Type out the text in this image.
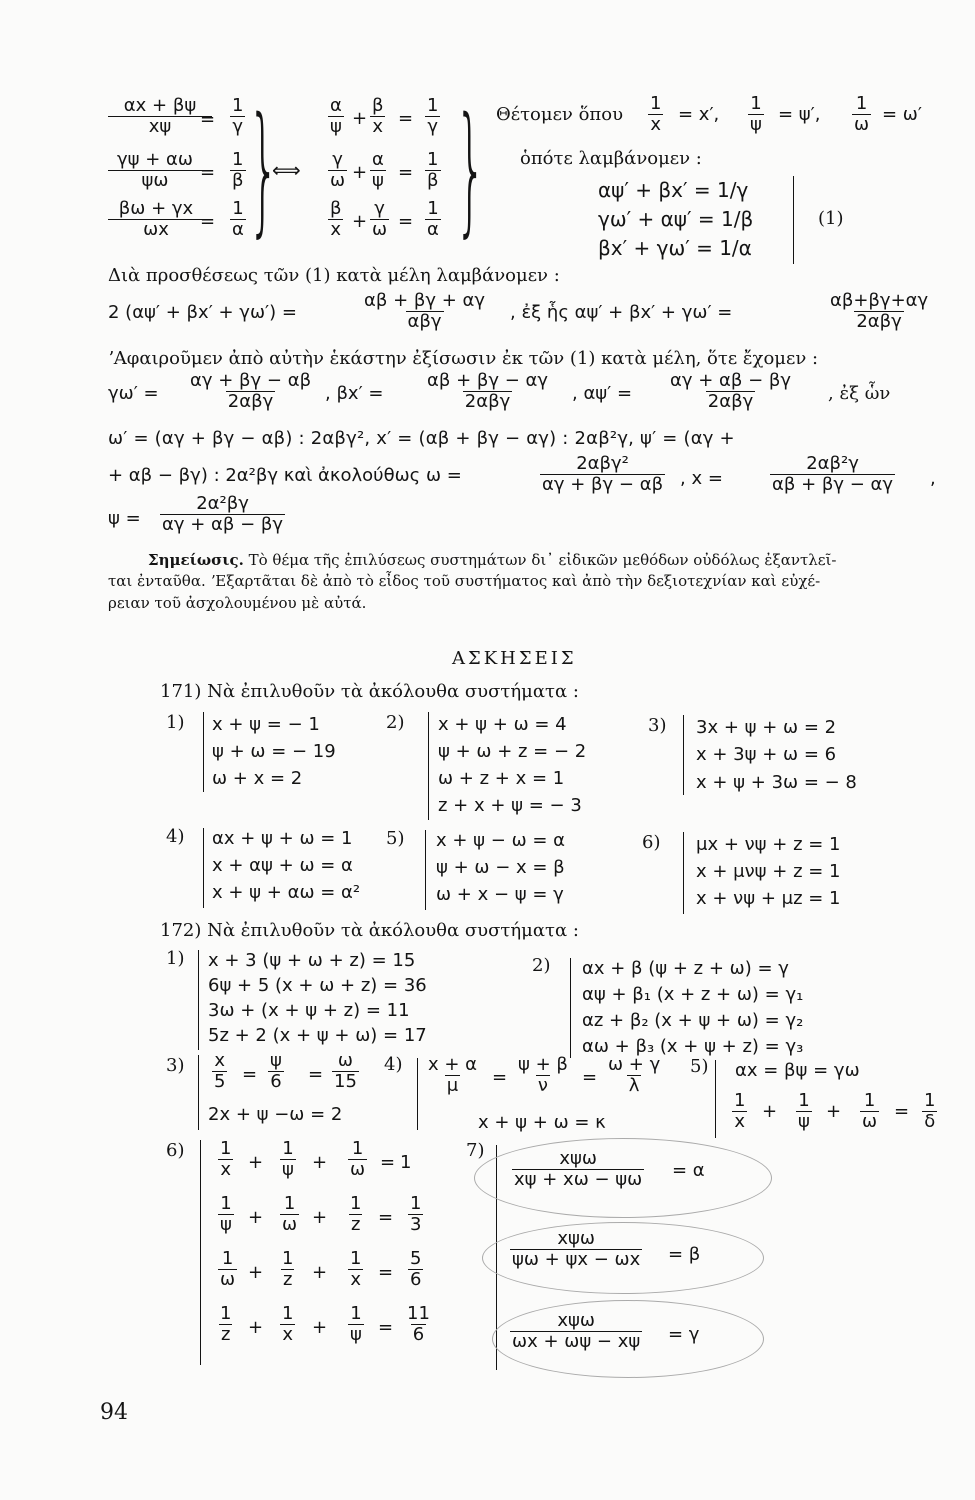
αx + βψ
xψ	=
1
γ
γψ + αω
ψω	=
1
β
βω + γx
ωx	=
1
α }
⟺
α
ψ +
β
x =
1
γ
γ
ω +
α
ψ =
1
β
β
x +
γ
ω =
1
α } Θέτομεν ὅπου
1
x = x′,
1
ψ = ψ′,
1
ω = ω′
ὁπότε λαμβάνομεν :
αψ′ + βx′ = 1/γ
γω′ + αψ′ = 1/β
βx′ + γω′ = 1/α
(1)
Διὰ προσθέσεως τῶν (1) κατὰ μέλη λαμβάνομεν :
2 (αψ′ + βx′ + γω′) =
αβ + βγ + αγ
αβγ	, ἐξ ἧς αψ′ + βx′ + γω′ =
αβ+βγ+αγ
2αβγ
ʼΑφαιροῦμεν ἀπὸ αὐτὴν ἑκάστην ἐξίσωσιν ἐκ τῶν (1) κατὰ μέλη, ὅτε ἔχομεν :
γω′ =
αγ + βγ − αβ
2αβγ	, βx′ =
αβ + βγ − αγ
2αβγ	, αψ′ =
αγ + αβ − βγ
2αβγ	, ἐξ ὧν
ω′ = (αγ + βγ − αβ) : 2αβγ², x′ = (αβ + βγ − αγ) : 2αβ²γ, ψ′ = (αγ +
+ αβ − βγ) : 2α²βγ καὶ ἀκολούθως ω =
2αβγ²
αγ + βγ − αβ , x =
2αβ²γ
αβ + βγ − αγ ,
ψ =
2α²βγ
αγ + αβ − βγ
Σημείωσις. Τὸ θέμα τῆς ἐπιλύσεως συστημάτων δι᾽ εἰδικῶν μεθόδων οὐδόλως ἐξαντλεῖ-
ται ἐνταῦθα. ʼΕξαρτᾶται δὲ ἀπὸ τὸ εἶδος τοῦ συστήματος καὶ ἀπὸ τὴν δεξιοτεχνίαν καὶ εὐχέ-
ρειαν τοῦ ἀσχολουμένου μὲ αὐτά.
ΑΣΚΗΣΕΙΣ
171) Νὰ ἐπιλυθοῦν τὰ ἀκόλουθα συστήματα :
1) x + ψ = − 1
ψ + ω = − 19
ω + x = 2
2) x + ψ + ω = 4
ψ + ω + z = − 2
ω + z + x = 1
z + x + ψ = − 3
3) 3x + ψ + ω = 2
x + 3ψ + ω = 6
x + ψ + 3ω = − 8
4) αx + ψ + ω = 1
x + αψ + ω = α
x + ψ + αω = α²
5) x + ψ − ω = α
ψ + ω − x = β
ω + x − ψ = γ
6) μx + νψ + z = 1
x + μνψ + z = 1
x + νψ + μz = 1
172) Νὰ ἐπιλυθοῦν τὰ ἀκόλουθα συστήματα :
1) x + 3 (ψ + ω + z) = 15
6ψ + 5 (x + ω + z) = 36
3ω + (x + ψ + z) = 11
5z + 2 (x + ψ + ω) = 17
2) αx + β (ψ + z + ω) = γ
αψ + β₁ (x + z + ω) = γ₁
αz + β₂ (x + ψ + ω) = γ₂
αω + β₃ (x + ψ + z) = γ₃
3) x
5 =
ψ
6 =
ω
15
2x + ψ −ω = 2
4) x + α
μ =
ψ + β
ν =
ω + γ
λ
x + ψ + ω = κ
5) αx = βψ = γω
1
x +
1
ψ +
1
ω =
1
δ
6) 1
x +
1
ψ +
1
ω = 1
1
ψ +
1
ω +
1
z =
1
3
1
ω +
1
z +
1
x =
5
6
1
z +
1
x +
1
ψ =
11
6
7)	xψω
xψ + xω − ψω = α
xψω
ψω + ψx − ωx = β
xψω
ωx + ωψ − xψ = γ
94
